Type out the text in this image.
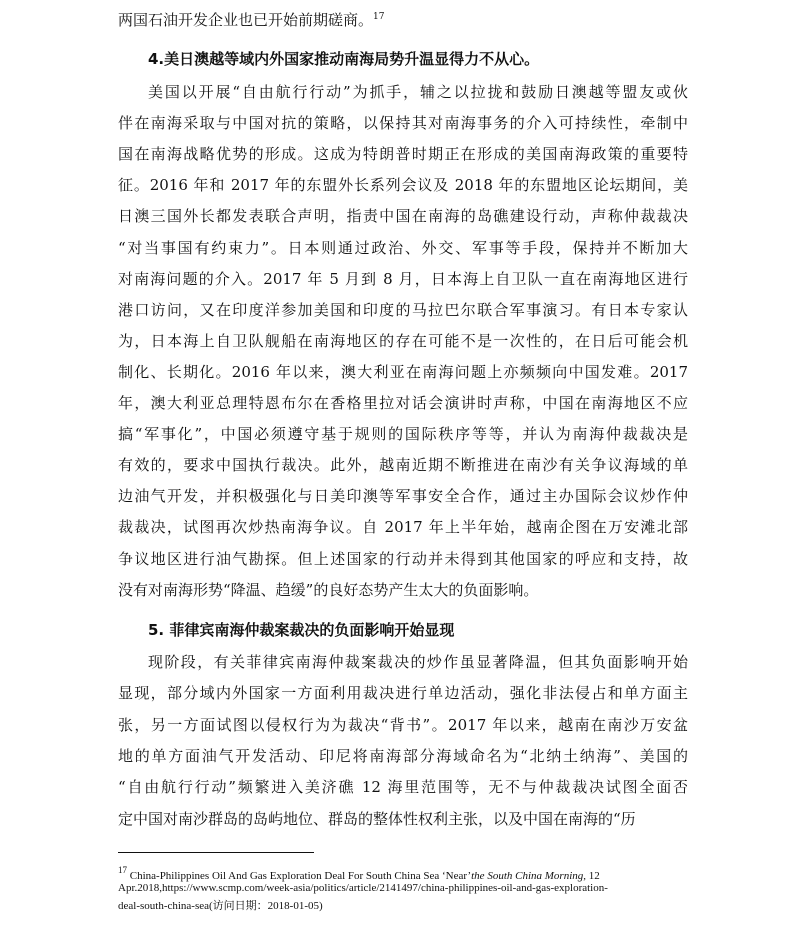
两国石油开发企业也已开始前期磋商。$^{17}$
4.美日澳越等域内外国家推动南海局势升温显得力不从心。
美国以开展“自由航行行动”为抓手，辅之以拉拢和鼓励日澳越等盟友或伙
伴在南海采取与中国对抗的策略，以保持其对南海事务的介入可持续性，牵制中
国在南海战略优势的形成。这成为特朗普时期正在形成的美国南海政策的重要特
征。2016 年和 2017 年的东盟外长系列会议及 2018 年的东盟地区论坛期间，美
日澳三国外长都发表联合声明，指责中国在南海的岛礁建设行动，声称仲裁裁决
“对当事国有约束力”。日本则通过政治、外交、军事等手段，保持并不断加大
对南海问题的介入。2017 年 5 月到 8 月，日本海上自卫队一直在南海地区进行
港口访问，又在印度洋参加美国和印度的马拉巴尔联合军事演习。有日本专家认
为，日本海上自卫队舰船在南海地区的存在可能不是一次性的，在日后可能会机
制化、长期化。2016 年以来，澳大利亚在南海问题上亦频频向中国发难。2017
年，澳大利亚总理特恩布尔在香格里拉对话会演讲时声称，中国在南海地区不应
搞“军事化”，中国必须遵守基于规则的国际秩序等等，并认为南海仲裁裁决是
有效的，要求中国执行裁决。此外，越南近期不断推进在南沙有关争议海域的单
边油气开发，并积极强化与日美印澳等军事安全合作，通过主办国际会议炒作仲
裁裁决，试图再次炒热南海争议。自 2017 年上半年始，越南企图在万安滩北部
争议地区进行油气勘探。但上述国家的行动并未得到其他国家的呼应和支持，故
没有对南海形势“降温、趋缓”的良好态势产生太大的负面影响。
5. 菲律宾南海仲裁案裁决的负面影响开始显现
现阶段，有关菲律宾南海仲裁案裁决的炒作虽显著降温，但其负面影响开始
显现，部分域内外国家一方面利用裁决进行单边活动，强化非法侵占和单方面主
张，另一方面试图以侵权行为为裁决“背书”。2017 年以来，越南在南沙万安盆
地的单方面油气开发活动、印尼将南海部分海域命名为“北纳土纳海”、美国的
“自由航行行动”频繁进入美济礁 12 海里范围等，无不与仲裁裁决试图全面否
定中国对南沙群岛的岛屿地位、群岛的整体性权利主张，以及中国在南海的“历
$^{17}$ China-Philippines Oil And Gas Exploration Deal For South China Sea ‘Near’the South China Morning, 12
Apr.2018,https://www.scmp.com/week-asia/politics/article/2141497/china-philippines-oil-and-gas-exploration-
deal-south-china-sea(访问日期：2018-01-05)
